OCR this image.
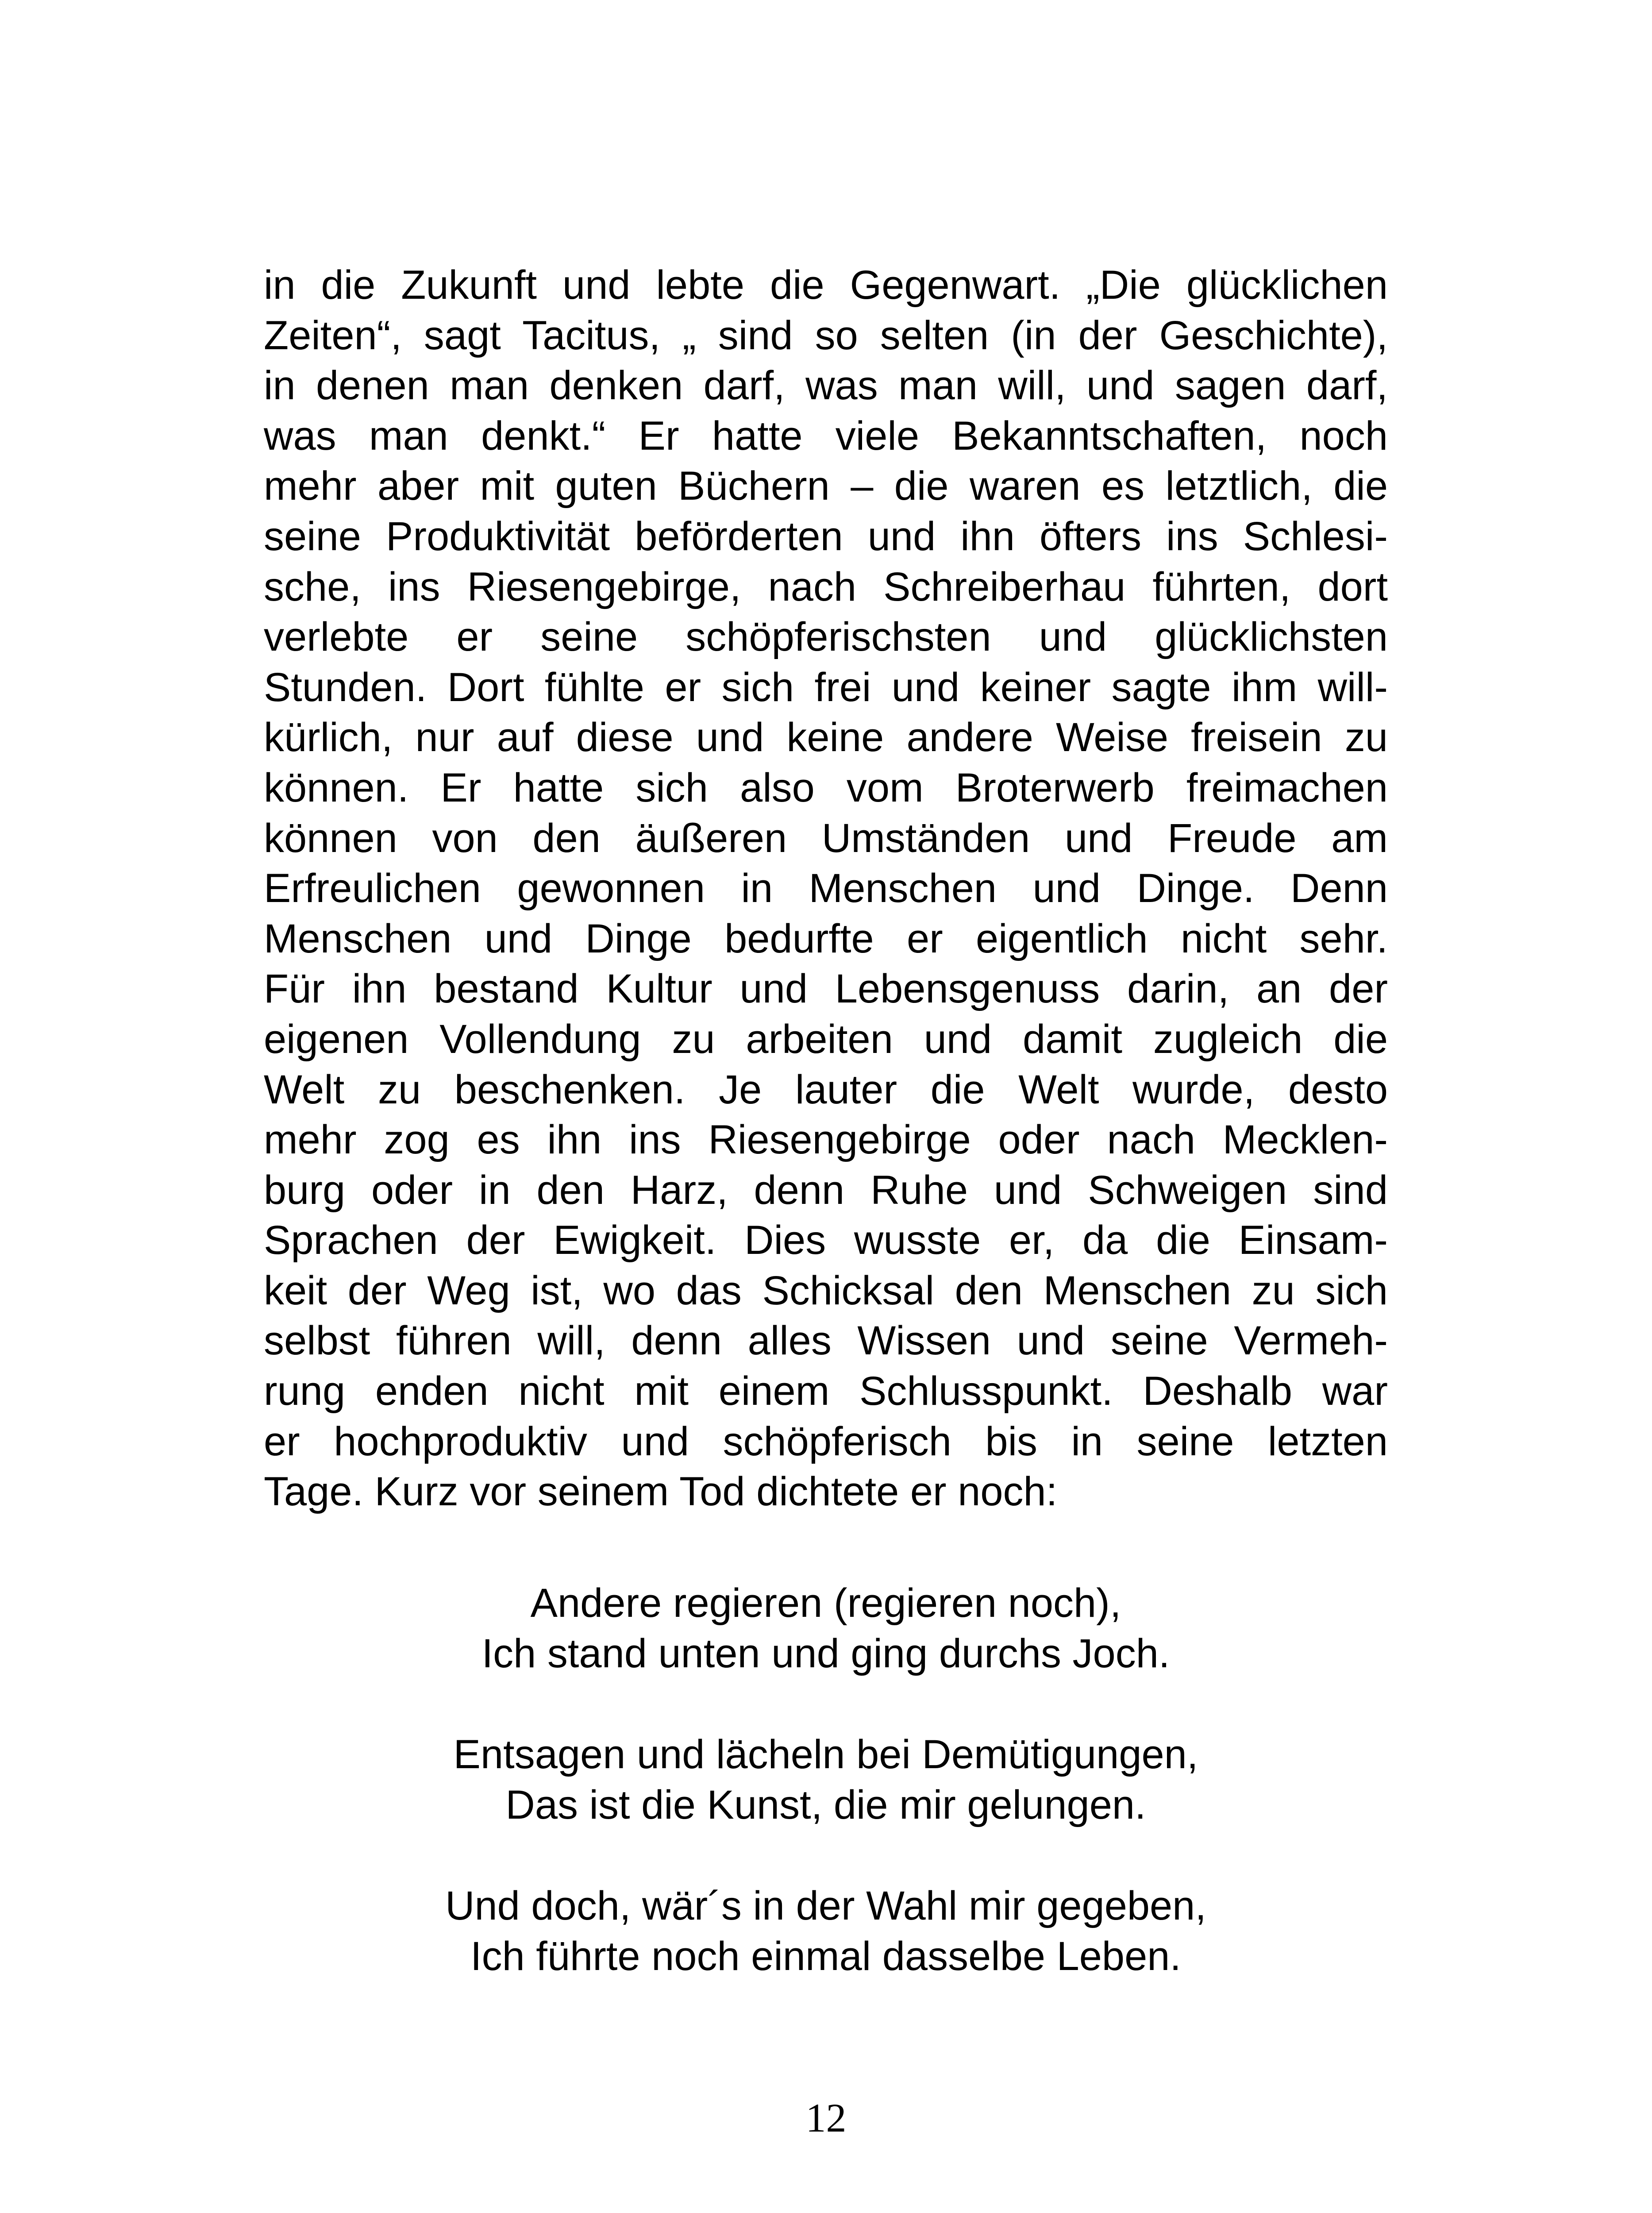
in die Zukunft und lebte die Gegenwart. „Die glücklichen
Zeiten“, sagt Tacitus, „ sind so selten (in der Geschichte),
in denen man denken darf, was man will, und sagen darf,
was man denkt.“ Er hatte viele Bekanntschaften, noch
mehr aber mit guten Büchern – die waren es letztlich, die
seine Produktivität beförderten und ihn öfters ins Schlesi-
sche, ins Riesengebirge, nach Schreiberhau führten, dort
verlebte er seine schöpferischsten und glücklichsten
Stunden. Dort fühlte er sich frei und keiner sagte ihm will-
kürlich, nur auf diese und keine andere Weise freisein zu
können. Er hatte sich also vom Broterwerb freimachen
können von den äußeren Umständen und Freude am
Erfreulichen gewonnen in Menschen und Dinge. Denn
Menschen und Dinge bedurfte er eigentlich nicht sehr.
Für ihn bestand Kultur und Lebensgenuss darin, an der
eigenen Vollendung zu arbeiten und damit zugleich die
Welt zu beschenken. Je lauter die Welt wurde, desto
mehr zog es ihn ins Riesengebirge oder nach Mecklen-
burg oder in den Harz, denn Ruhe und Schweigen sind
Sprachen der Ewigkeit. Dies wusste er, da die Einsam-
keit der Weg ist, wo das Schicksal den Menschen zu sich
selbst führen will, denn alles Wissen und seine Vermeh-
rung enden nicht mit einem Schlusspunkt. Deshalb war
er hochproduktiv und schöpferisch bis in seine letzten
Tage. Kurz vor seinem Tod dichtete er noch:
Andere regieren (regieren noch),
Ich stand unten und ging durchs Joch.
Entsagen und lächeln bei Demütigungen,
Das ist die Kunst, die mir gelungen.
Und doch, wär´s in der Wahl mir gegeben,
Ich führte noch einmal dasselbe Leben.
12
